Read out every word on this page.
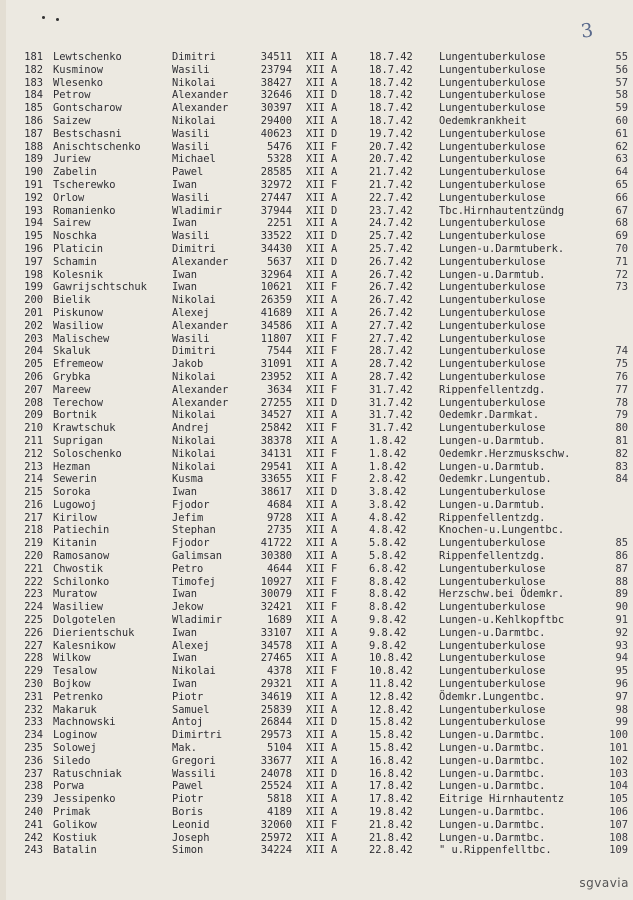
3
181 Lewtschenko	Dimitri	34511 XII A	18.7.42	Lungentuberkulose	55
182 Kusminow	Wasili	23794 XII A	18.7.42	Lungentuberkulose	56
183 Wlesenko	Nikolai	38427 XII A	18.7.42	Lungentuberkulose	57
184 Petrow	Alexander	32646 XII D	18.7.42	Lungentuberkulose	58
185 Gontscharow	Alexander	30397 XII A	18.7.42	Lungentuberkulose	59
186 Saizew	Nikolai	29400 XII A	18.7.42	Oedemkrankheit	60
187 Bestschasni	Wasili	40623 XII D	19.7.42	Lungentuberkulose	61
188 Anischtschenko	Wasili	5476 XII F	20.7.42	Lungentuberkulose	62
189 Juriew	Michael	5328 XII A	20.7.42	Lungentuberkulose	63
190 Zabelin	Pawel	28585 XII A	21.7.42	Lungentuberkulose	64
191 Tscherewko	Iwan	32972 XII F	21.7.42	Lungentuberkulose	65
192 Orlow	Wasili	27447 XII A	22.7.42	Lungentuberkulose	66
193 Romanienko	Wladimir	37944 XII D	23.7.42	Tbc.Hirnhautentzündg	67
194 Sairew	Iwan	2251 XII A	24.7.42	Lungentuberkulose	68
195 Noschka	Wasili	33522 XII D	25.7.42	Lungentuberkulose	69
196 Platicin	Dimitri	34430 XII A	25.7.42	Lungen-u.Darmtuberk.	70
197 Schamin	Alexander	5637 XII D	26.7.42	Lungentuberkulose	71
198 Kolesnik	Iwan	32964 XII A	26.7.42	Lungen-u.Darmtub.	72
199 Gawrijschtschuk Iwan	10621 XII F	26.7.42	Lungentuberkulose	73
200 Bielik	Nikolai	26359 XII A	26.7.42	Lungentuberkulose
201 Piskunow	Alexej	41689 XII A	26.7.42	Lungentuberkulose
202 Wasiliow	Alexander	34586 XII A	27.7.42	Lungentuberkulose
203 Malischew	Wasili	11807 XII F	27.7.42	Lungentuberkulose
204 Skaluk	Dimitri	7544 XII F	28.7.42	Lungentuberkulose	74
205 Efremeow	Jakob	31091 XII A	28.7.42	Lungentuberkulose	75
206 Grybka	Nikolai	23952 XII A	28.7.42	Lungentuberkulose	76
207 Mareew	Alexander	3634 XII F	31.7.42	Rippenfellentzdg.	77
208 Terechow	Alexander	27255 XII D	31.7.42	Lungentuberkulose	78
209 Bortnik	Nikolai	34527 XII A	31.7.42	Oedemkr.Darmkat.	79
210 Krawtschuk	Andrej	25842 XII F	31.7.42	Lungentuberkulose	80
211 Suprigan	Nikolai	38378 XII A	1.8.42	Lungen-u.Darmtub.	81
212 Soloschenko	Nikolai	34131 XII F	1.8.42	Oedemkr.Herzmuskschw.	82
213 Hezman	Nikolai	29541 XII A	1.8.42	Lungen-u.Darmtub.	83
214 Sewerin	Kusma	33655 XII F	2.8.42	Oedemkr.Lungentub.	84
215 Soroka	Iwan	38617 XII D	3.8.42	Lungentuberkulose
216 Lugowoj	Fjodor	4684 XII A	3.8.42	Lungen-u.Darmtub.
217 Kirilow	Jefim	9728 XII A	4.8.42	Rippenfellentzdg.
218 Patiechin	Stephan	2735 XII A	4.8.42	Knochen-u.Lungentbc.
219 Kitanin	Fjodor	41722 XII A	5.8.42	Lungentuberkulose	85
220 Ramosanow	Galimsan	30380 XII A	5.8.42	Rippenfellentzdg.	86
221 Chwostik	Petro	4644 XII F	6.8.42	Lungentuberkulose	87
222 Schilonko	Timofej	10927 XII F	8.8.42	Lungentuberkulose	88
223 Muratow	Iwan	30079 XII F	8.8.42	Herzschw.bei Ödemkr.	89
224 Wasiliew	Jekow	32421 XII F	8.8.42	Lungentuberkulose	90
225 Dolgotelen	Wladimir	1689 XII A	9.8.42	Lungen-u.Kehlkopftbc	91
226 Dierientschuk	Iwan	33107 XII A	9.8.42	Lungen-u.Darmtbc.	92
227 Kalesnikow	Alexej	34578 XII A	9.8.42	Lungentuberkulose	93
228 Wilkow	Iwan	27465 XII A	10.8.42	Lungentuberkulose	94
229 Tesalow	Nikolai	4378 XII F	10.8.42	Lungentuberkulose	95
230 Bojkow	Iwan	29321 XII A	11.8.42	Lungentuberkulose	96
231 Petrenko	Piotr	34619 XII A	12.8.42	Ödemkr.Lungentbc.	97
232 Makaruk	Samuel	25839 XII A	12.8.42	Lungentuberkulose	98
233 Machnowski	Antoj	26844 XII D	15.8.42	Lungentuberkulose	99
234 Loginow	Dimirtri	29573 XII A	15.8.42	Lungen-u.Darmtbc.	100
235 Solowej	Mak.	5104 XII A	15.8.42	Lungen-u.Darmtbc.	101
236 Siledo	Gregori	33677 XII A	16.8.42	Lungen-u.Darmtbc.	102
237 Ratuschniak	Wassili	24078 XII D	16.8.42	Lungen-u.Darmtbc.	103
238 Porwa	Pawel	25524 XII A	17.8.42	Lungen-u.Darmtbc.	104
239 Jessipenko	Piotr	5818 XII A	17.8.42	Eitrige Hirnhautentz	105
240 Primak	Boris	4189 XII A	19.8.42	Lungen-u.Darmtbc.	106
241 Golikow	Leonid	32060 XII F	21.8.42	Lungen-u.Darmtbc.	107
242 Kostiuk	Joseph	25972 XII A	21.8.42	Lungen-u.Darmtbc.	108
243 Batalin	Simon	34224 XII A	22.8.42	" u.Rippenfelltbc.	109
sgvavia
